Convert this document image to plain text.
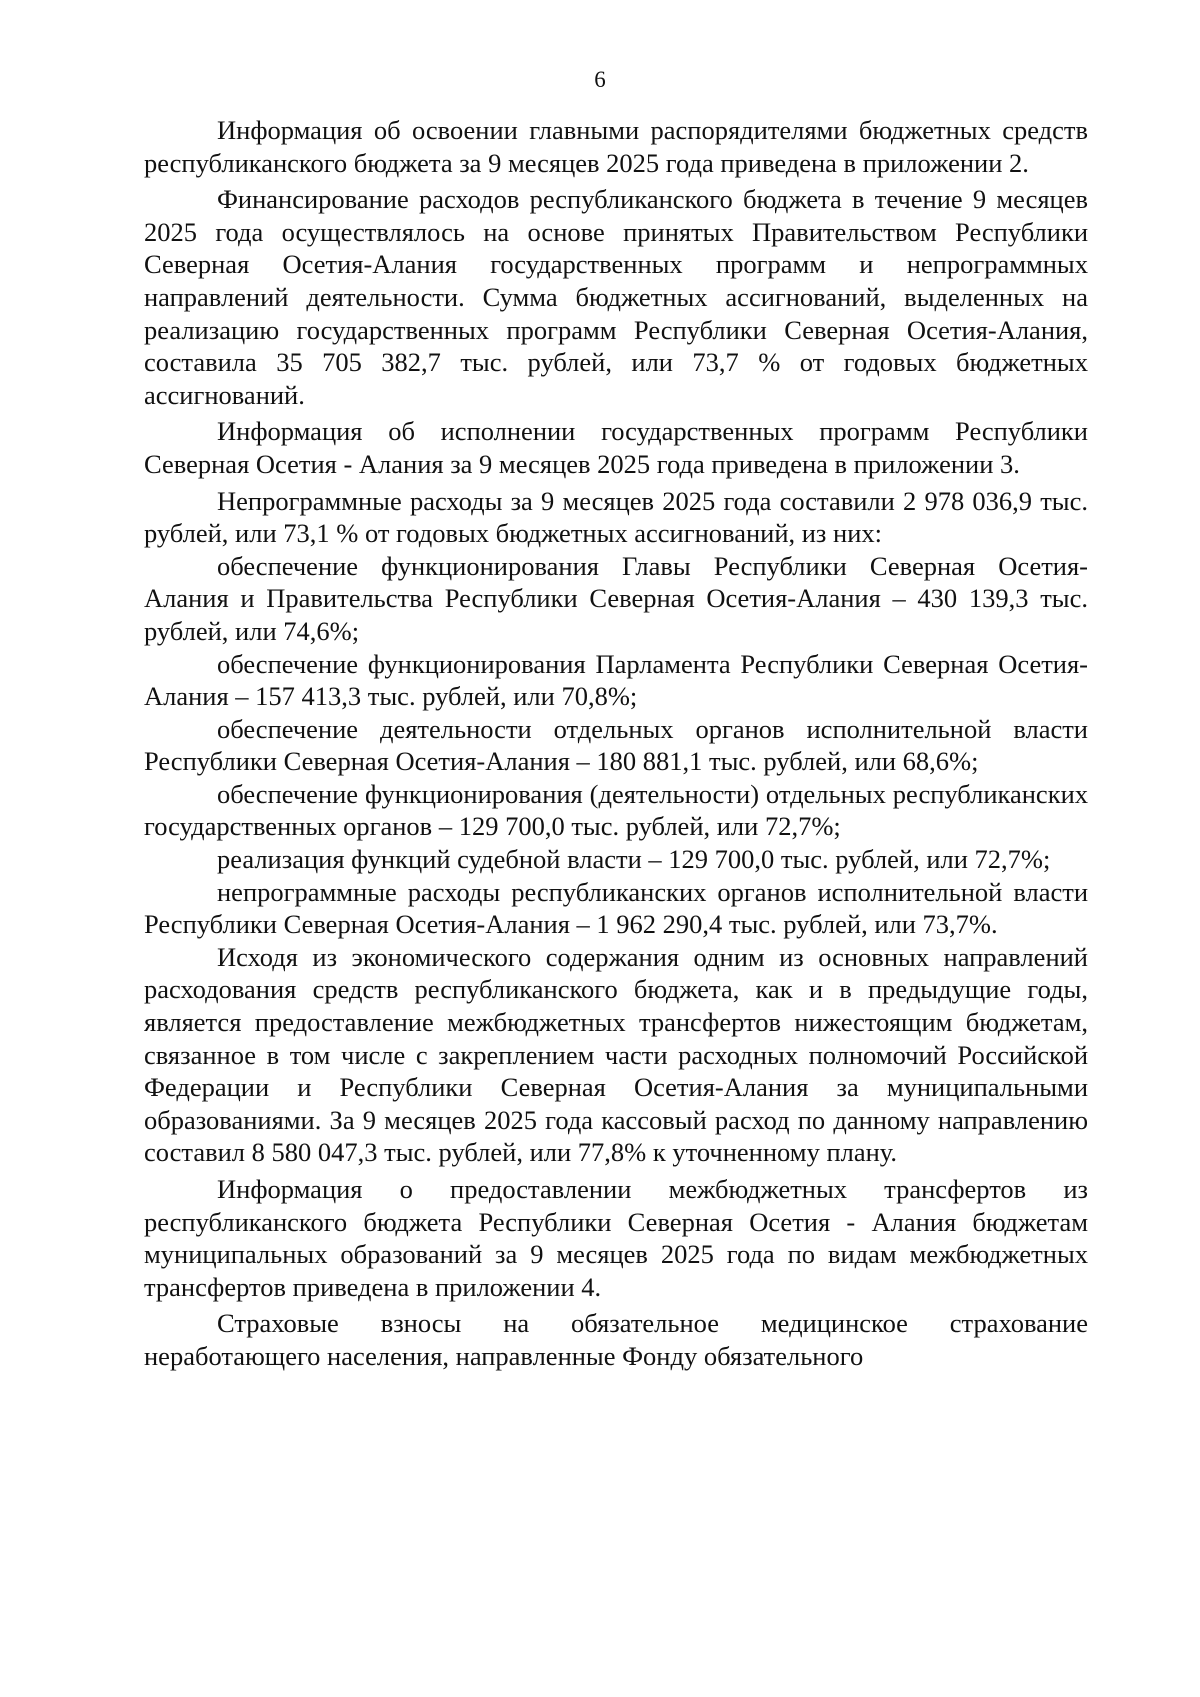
6

Информация об освоении главными распорядителями бюджетных средств республиканского бюджета за 9 месяцев 2025 года приведена в приложении 2.

Финансирование расходов республиканского бюджета в течение 9 месяцев 2025 года осуществлялось на основе принятых Правительством Республики Северная Осетия-Алания государственных программ и непрограммных направлений деятельности. Сумма бюджетных ассигнований, выделенных на реализацию государственных программ Республики Северная Осетия-Алания, составила 35 705 382,7 тыс. рублей, или 73,7 % от годовых бюджетных ассигнований.

Информация об исполнении государственных программ Республики Северная Осетия - Алания за 9 месяцев 2025 года приведена в приложении 3.

Непрограммные расходы за 9 месяцев 2025 года составили 2 978 036,9 тыс. рублей, или 73,1 % от годовых бюджетных ассигнований, из них:

обеспечение функционирования Главы Республики Северная Осетия-Алания и Правительства Республики Северная Осетия-Алания – 430 139,3 тыс. рублей, или 74,6%;

обеспечение функционирования Парламента Республики Северная Осетия-Алания – 157 413,3 тыс. рублей, или 70,8%;

обеспечение деятельности отдельных органов исполнительной власти Республики Северная Осетия-Алания – 180 881,1 тыс. рублей, или 68,6%;

обеспечение функционирования (деятельности) отдельных республиканских государственных органов – 129 700,0 тыс. рублей, или 72,7%;

реализация функций судебной власти – 129 700,0 тыс. рублей, или 72,7%;

непрограммные расходы республиканских органов исполнительной власти Республики Северная Осетия-Алания – 1 962 290,4 тыс. рублей, или 73,7%.

Исходя из экономического содержания одним из основных направлений расходования средств республиканского бюджета, как и в предыдущие годы, является предоставление межбюджетных трансфертов нижестоящим бюджетам, связанное в том числе с закреплением части расходных полномочий Российской Федерации и Республики Северная Осетия-Алания за муниципальными образованиями. За 9 месяцев 2025 года кассовый расход по данному направлению составил 8 580 047,3 тыс. рублей, или 77,8% к уточненному плану.

Информация о предоставлении межбюджетных трансфертов из республиканского бюджета Республики Северная Осетия - Алания бюджетам муниципальных образований за 9 месяцев 2025 года по видам межбюджетных трансфертов приведена в приложении 4.

Страховые взносы на обязательное медицинское страхование неработающего населения, направленные Фонду обязательного
